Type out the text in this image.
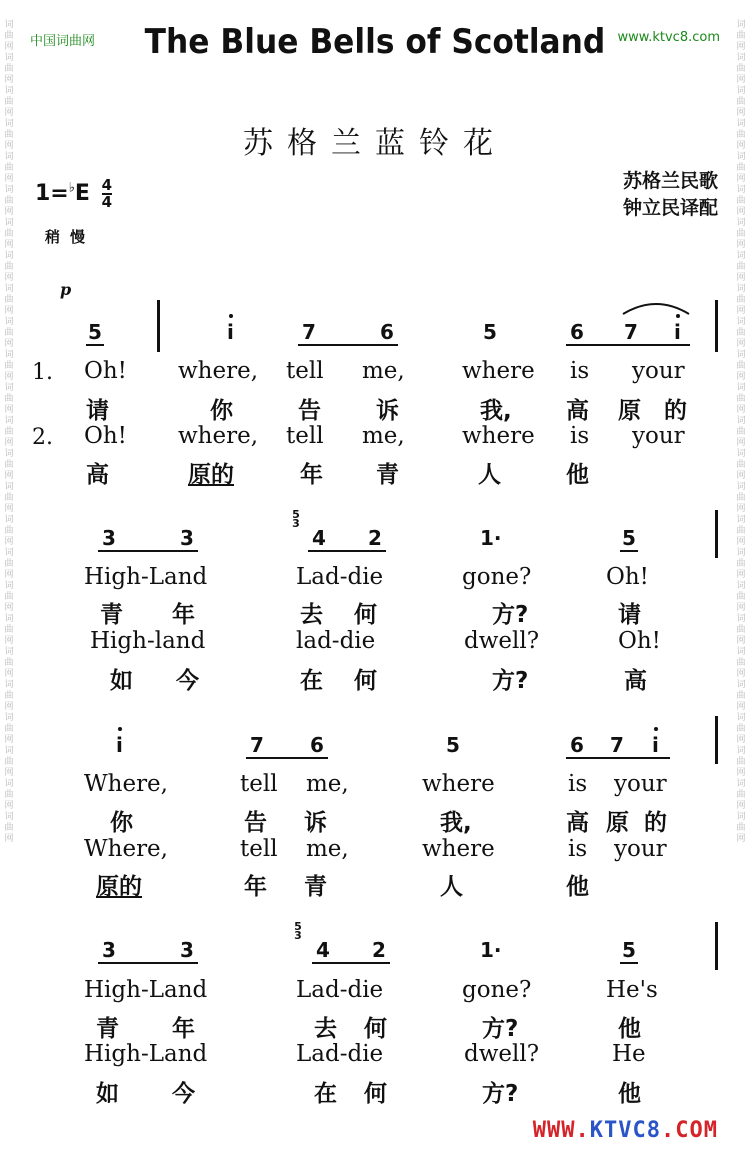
词曲网词曲网词曲网词曲网词曲网词曲网词曲网词曲网词曲网词曲网词曲网词曲网词曲网词曲网词曲网词曲网词曲网词曲网词曲网词曲网词曲网词曲网词曲网词曲网词曲网
词曲网词曲网词曲网词曲网词曲网词曲网词曲网词曲网词曲网词曲网词曲网词曲网词曲网词曲网词曲网词曲网词曲网词曲网词曲网词曲网词曲网词曲网词曲网词曲网词曲网
中国词曲网	www.ktvc8.com
The Blue Bells of Scotland
苏格兰蓝铃花
苏格兰民歌
钟立民译配
$1=^♭E \frac{4}{4}$
稍慢
p
5	i	7	6	5	6 7 i
1.
2.
Oh! where, tell me, where is your
请	你	告 诉	我, 高 原 的
Oh! where, tell me, where is your
高	原的	年 青	人	他
3	3
5 3
4 2	1·	5
High-Land	Lad-die	gone?	Oh!
青 年	去 何	方?	请
High-land	lad-die	dwell?	Oh!
如 今	在 何	方?	高
i	7 6	5	6 7 i
Where,	tell me,	where	is your
你	告 诉	我,	高 原 的
Where,	tell me,	where	is your
原的	年 青	人	他
3	3
5 3
4 2	1·	5
High-Land	Lad-die	gone?	He's
青 年	去 何	方?	他
High-Land	Lad-die	dwell?	He
如 今	在 何	方?	他
WWW.KTVC8.COM
